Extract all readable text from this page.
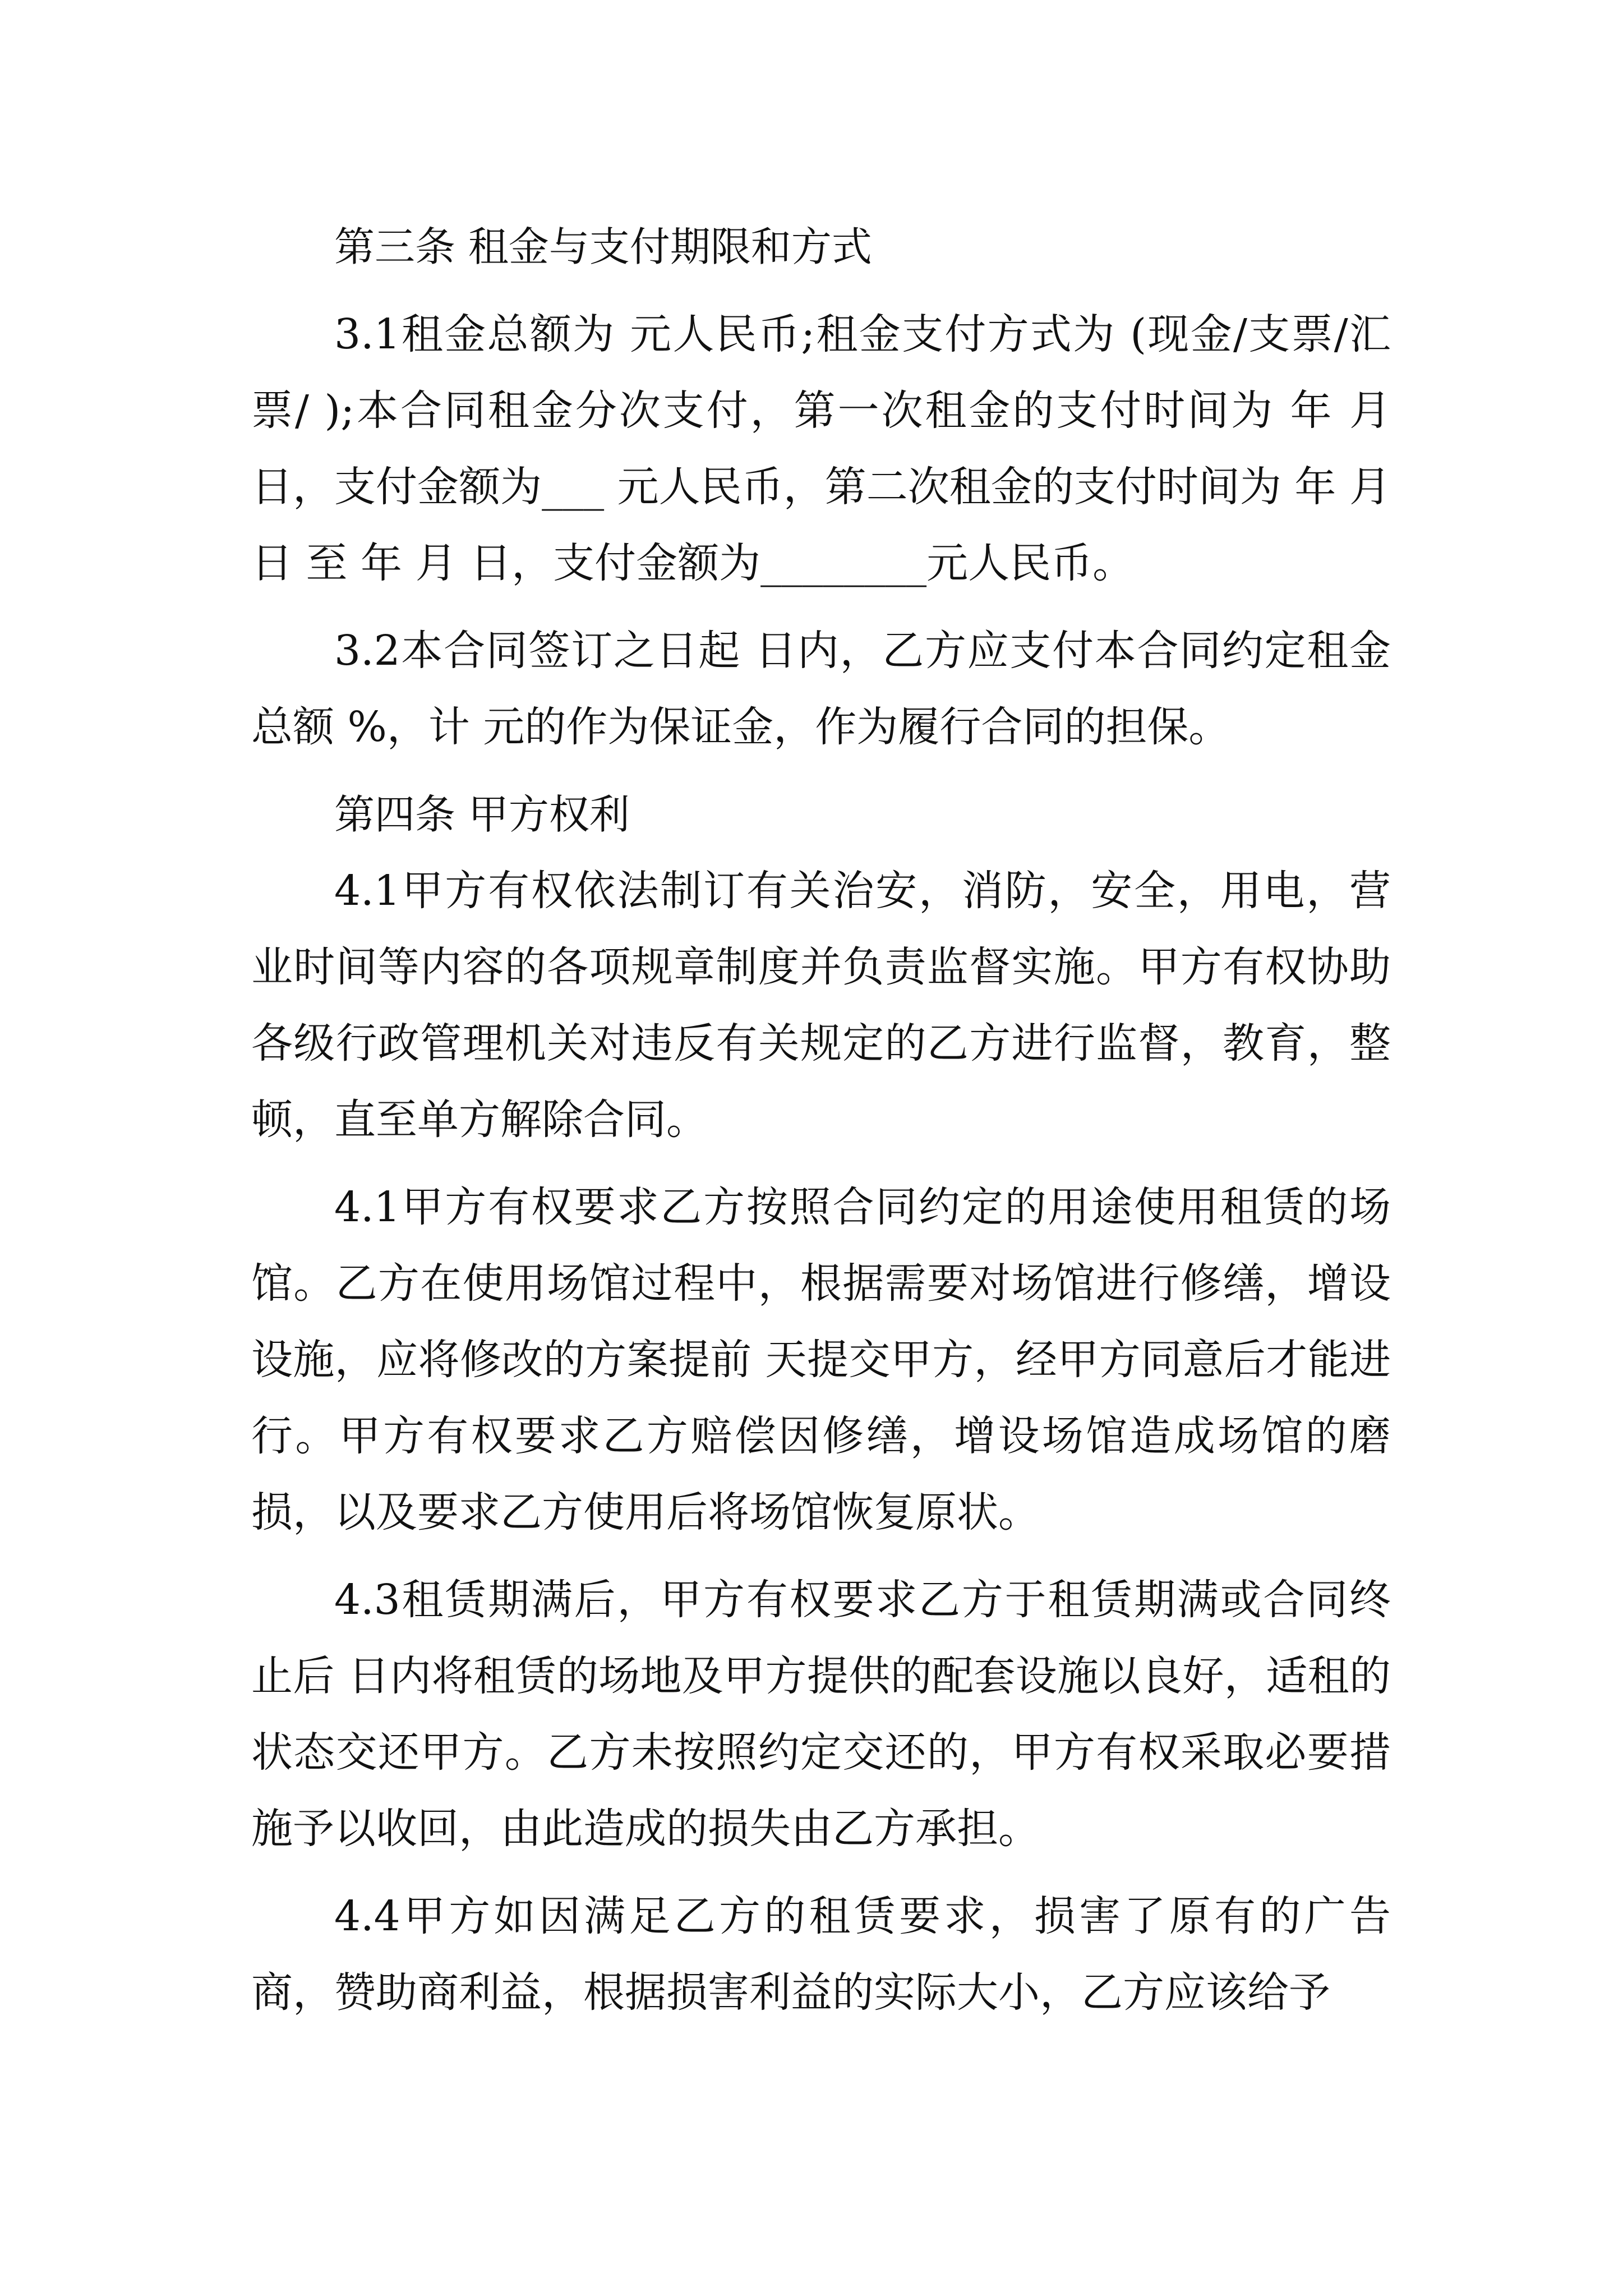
第三条 租金与支付期限和方式

3.1租金总额为 元人民币;租金支付方式为 (现金/支票/汇票/ );本合同租金分次支付，第一次租金的支付时间为 年 月 日，支付金额为___ 元人民币，第二次租金的支付时间为 年 月 日 至 年 月 日，支付金额为________元人民币。

3.2本合同签订之日起 日内，乙方应支付本合同约定租金总额 %，计 元的作为保证金，作为履行合同的担保。

第四条 甲方权利

4.1甲方有权依法制订有关治安，消防，安全，用电，营业时间等内容的各项规章制度并负责监督实施。甲方有权协助各级行政管理机关对违反有关规定的乙方进行监督，教育，整顿，直至单方解除合同。

4.1甲方有权要求乙方按照合同约定的用途使用租赁的场馆。乙方在使用场馆过程中，根据需要对场馆进行修缮，增设设施，应将修改的方案提前 天提交甲方，经甲方同意后才能进行。甲方有权要求乙方赔偿因修缮，增设场馆造成场馆的磨损，以及要求乙方使用后将场馆恢复原状。

4.3租赁期满后，甲方有权要求乙方于租赁期满或合同终止后 日内将租赁的场地及甲方提供的配套设施以良好，适租的状态交还甲方。乙方未按照约定交还的，甲方有权采取必要措施予以收回，由此造成的损失由乙方承担。

4.4甲方如因满足乙方的租赁要求，损害了原有的广告商，赞助商利益，根据损害利益的实际大小，乙方应该给予
